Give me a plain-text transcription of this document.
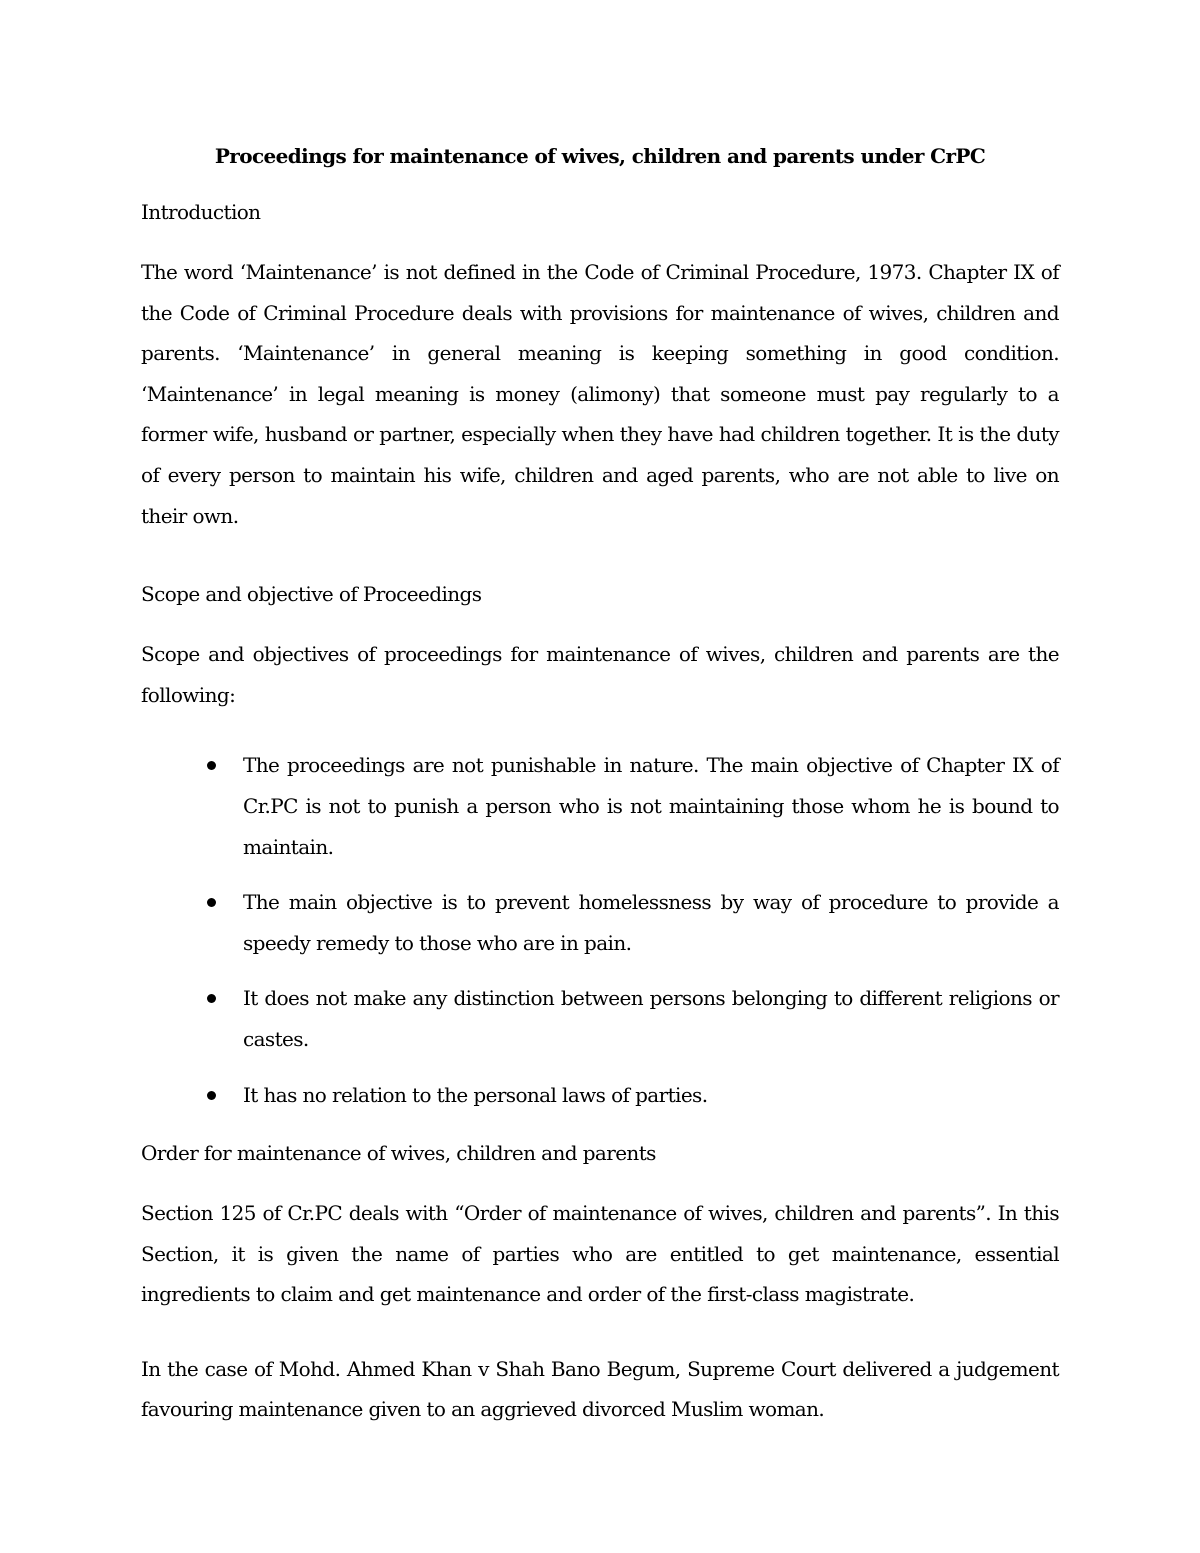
Proceedings for maintenance of wives, children and parents under CrPC

Introduction

The word ‘Maintenance’ is not defined in the Code of Criminal Procedure, 1973. Chapter IX of the Code of Criminal Procedure deals with provisions for maintenance of wives, children and parents. ‘Maintenance’ in general meaning is keeping something in good condition. ‘Maintenance’ in legal meaning is money (alimony) that someone must pay regularly to a former wife, husband or partner, especially when they have had children together. It is the duty of every person to maintain his wife, children and aged parents, who are not able to live on their own.

Scope and objective of Proceedings

Scope and objectives of proceedings for maintenance of wives, children and parents are the following:

The proceedings are not punishable in nature. The main objective of Chapter IX of Cr.PC is not to punish a person who is not maintaining those whom he is bound to maintain.
The main objective is to prevent homelessness by way of procedure to provide a speedy remedy to those who are in pain.
It does not make any distinction between persons belonging to different religions or castes.
It has no relation to the personal laws of parties.

Order for maintenance of wives, children and parents

Section 125 of Cr.PC deals with “Order of maintenance of wives, children and parents”. In this Section, it is given the name of parties who are entitled to get maintenance, essential ingredients to claim and get maintenance and order of the first-class magistrate.

In the case of Mohd. Ahmed Khan v Shah Bano Begum, Supreme Court delivered a judgement favouring maintenance given to an aggrieved divorced Muslim woman.
